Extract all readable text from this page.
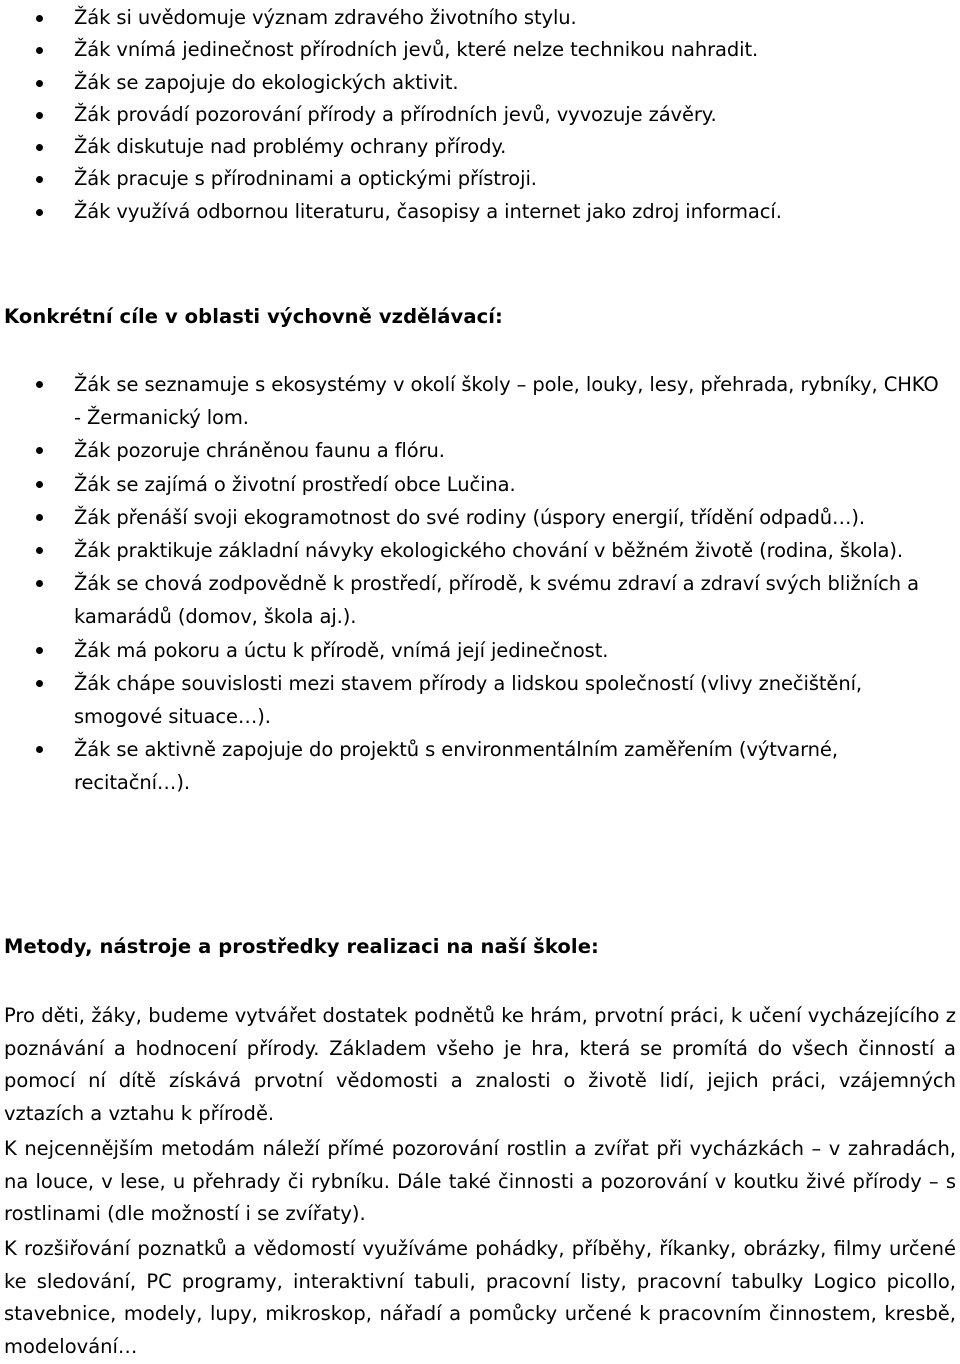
Žák si uvědomuje význam zdravého životního stylu.
Žák vnímá jedinečnost přírodních jevů, které nelze technikou nahradit.
Žák se zapojuje do ekologických aktivit.
Žák provádí pozorování přírody a přírodních jevů, vyvozuje závěry.
Žák diskutuje nad problémy ochrany přírody.
Žák pracuje s přírodninami a optickými přístroji.
Žák využívá odbornou literaturu, časopisy a internet jako zdroj informací.
Konkrétní cíle v oblasti výchovně vzdělávací:
Žák se seznamuje s ekosystémy v okolí školy – pole, louky, lesy, přehrada, rybníky, CHKO - Žermanický lom.
Žák pozoruje chráněnou faunu a flóru.
Žák se zajímá o životní prostředí obce Lučina.
Žák přenáší svoji ekogramotnost do své rodiny (úspory energií, třídění odpadů…).
Žák praktikuje základní návyky ekologického chování v běžném životě (rodina, škola).
Žák se chová zodpovědně k prostředí, přírodě, k svému zdraví a zdraví svých bližních a kamarádů (domov, škola aj.).
Žák má pokoru a úctu k přírodě, vnímá její jedinečnost.
Žák chápe souvislosti mezi stavem přírody a lidskou společností (vlivy znečištění, smogové situace…).
Žák se aktivně zapojuje do projektů s environmentálním zaměřením (výtvarné, recitační…).
Metody, nástroje a prostředky realizaci na naší škole:

Pro děti, žáky, budeme vytvářet dostatek podnětů ke hrám, prvotní práci, k učení vycházejícího z poznávání a hodnocení přírody. Základem všeho je hra, která se promítá do všech činností a pomocí ní dítě získává prvotní vědomosti a znalosti o životě lidí, jejich práci, vzájemných vztazích a vztahu k přírodě.

K nejcennějším metodám náleží přímé pozorování rostlin a zvířat při vycházkách – v zahradách, na louce, v lese, u přehrady či rybníku. Dále také činnosti a pozorování v koutku živé přírody – s rostlinami (dle možností i se zvířaty).

K rozšiřování poznatků a vědomostí využíváme pohádky, příběhy, říkanky, obrázky, filmy určené ke sledování, PC programy, interaktivní tabuli, pracovní listy, pracovní tabulky Logico picollo, stavebnice, modely, lupy, mikroskop, nářadí a pomůcky určené k pracovním činnostem, kresbě, modelování…
